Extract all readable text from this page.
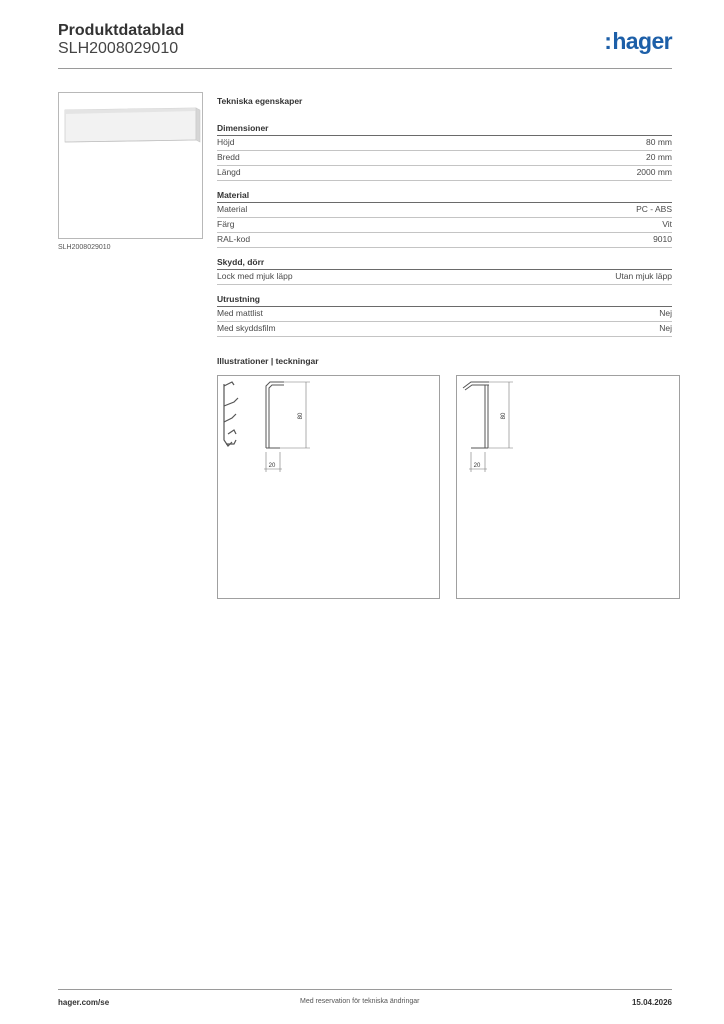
Produktdatablad
SLH2008029010	:hager
SLH2008029010
Tekniska egenskaper
Dimensioner
Höjd	80 mm
Bredd	20 mm
Längd	2000 mm
Material
Material	PC - ABS
Färg	Vit
RAL-kod	9010
Skydd, dörr
Lock med mjuk läpp	Utan mjuk läpp
Utrustning
Med mattlist	Nej
Med skyddsfilm	Nej
Illustrationer | teckningar
80
20
80
20
hager.com/se	Med reservation för tekniska ändringar	15.04.2026
